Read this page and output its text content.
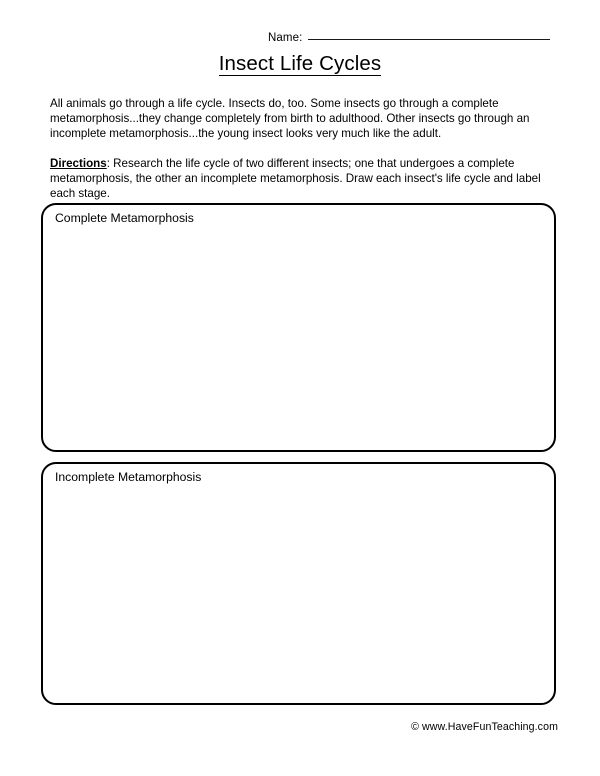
Name:
Insect Life Cycles

All animals go through a life cycle. Insects do, too. Some insects go through a complete metamorphosis...they change completely from birth to adulthood. Other insects go through an incomplete metamorphosis...the young insect looks very much like the adult.

Directions: Research the life cycle of two different insects; one that undergoes a complete metamorphosis, the other an incomplete metamorphosis. Draw each insect's life cycle and label each stage.

Complete Metamorphosis
Incomplete Metamorphosis
© www.HaveFunTeaching.com
